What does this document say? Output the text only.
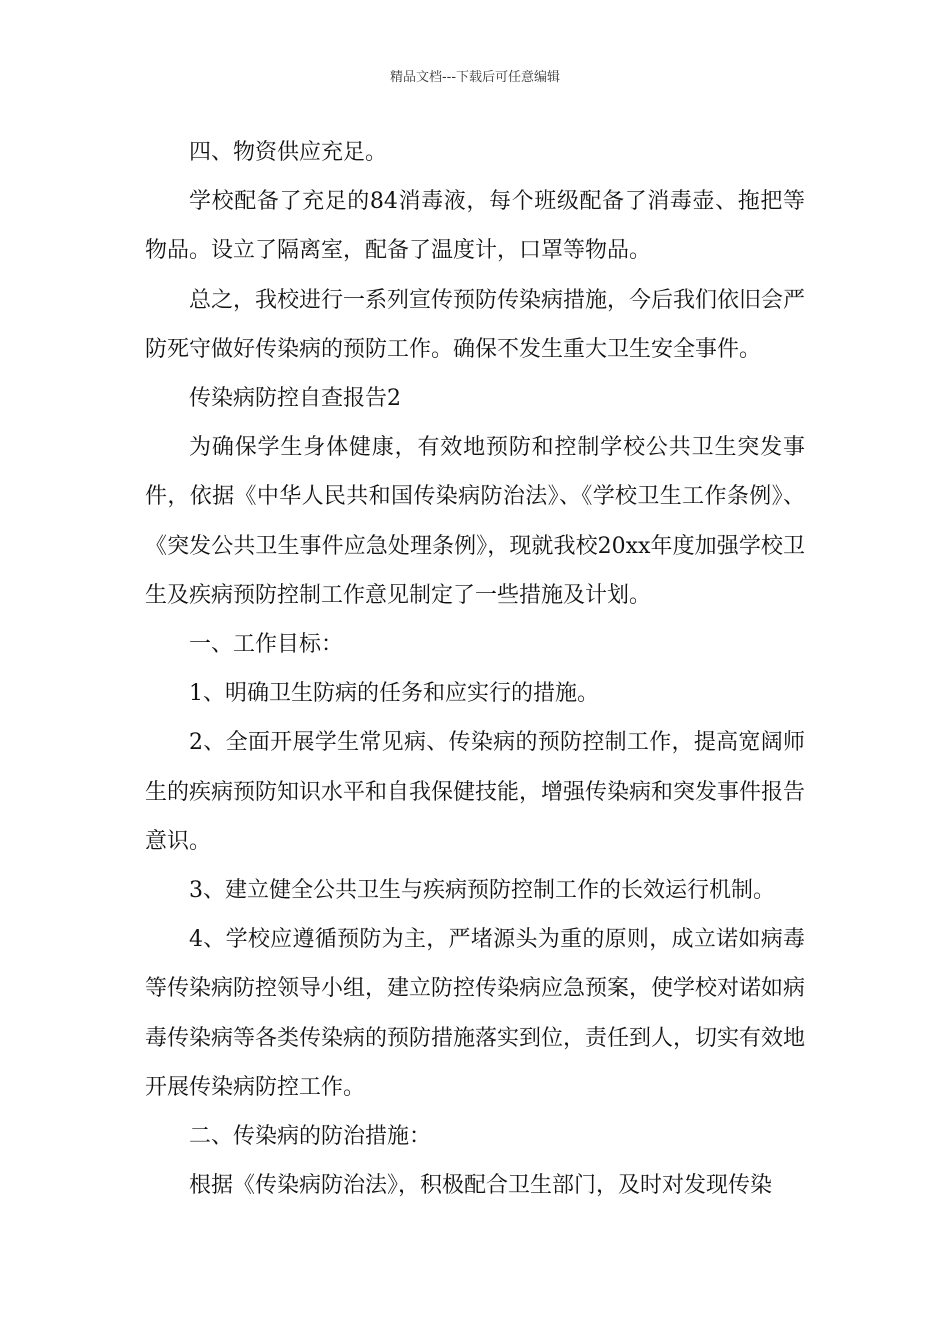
精品文档---下载后可任意编辑

四、物资供应充足。

学校配备了充足的84消毒液，每个班级配备了消毒壶、拖把等物品。设立了隔离室，配备了温度计，口罩等物品。

总之，我校进行一系列宣传预防传染病措施，今后我们依旧会严防死守做好传染病的预防工作。确保不发生重大卫生安全事件。

传染病防控自查报告2

为确保学生身体健康，有效地预防和控制学校公共卫生突发事件，依据《中华人民共和国传染病防治法》、《学校卫生工作条例》、《突发公共卫生事件应急处理条例》，现就我校20xx年度加强学校卫生及疾病预防控制工作意见制定了一些措施及计划。

一、工作目标：

1、明确卫生防病的任务和应实行的措施。

2、全面开展学生常见病、传染病的预防控制工作，提高宽阔师生的疾病预防知识水平和自我保健技能，增强传染病和突发事件报告意识。

3、建立健全公共卫生与疾病预防控制工作的长效运行机制。

4、学校应遵循预防为主，严堵源头为重的原则，成立诺如病毒等传染病防控领导小组，建立防控传染病应急预案，使学校对诺如病毒传染病等各类传染病的预防措施落实到位，责任到人，切实有效地开展传染病防控工作。

二、传染病的防治措施：

根据《传染病防治法》，积极配合卫生部门，及时对发现传染
